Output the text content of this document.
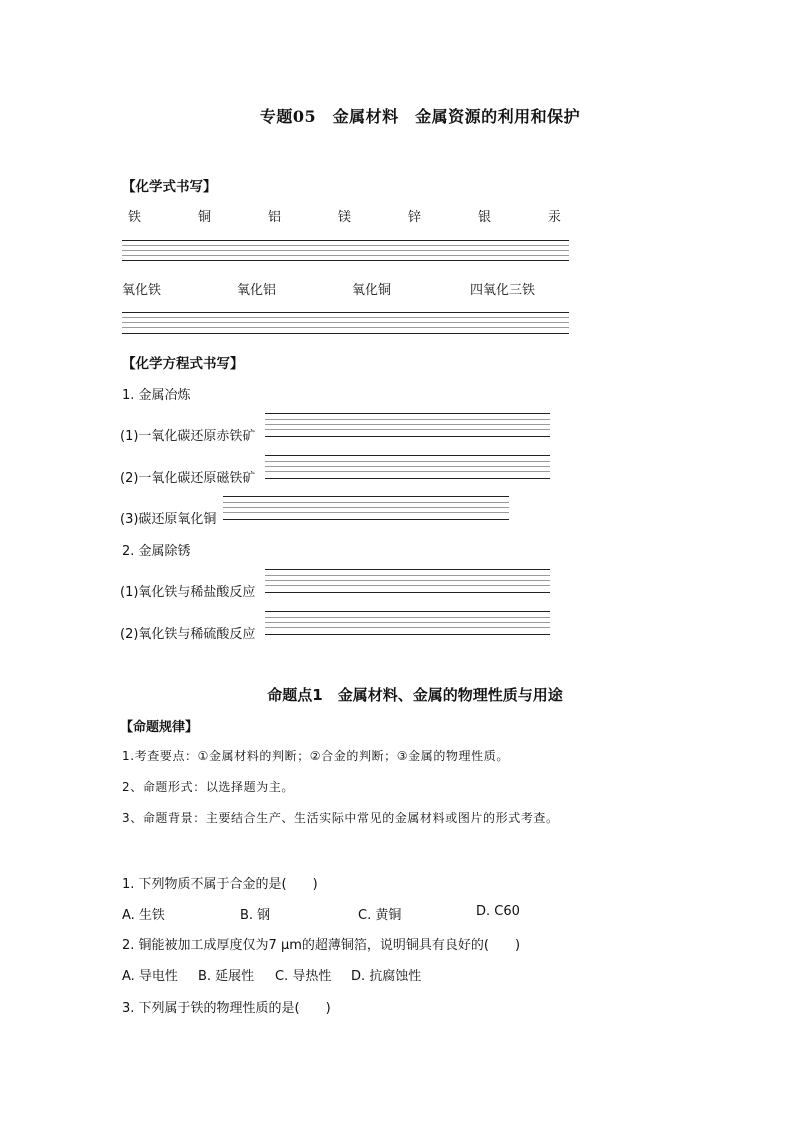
专题05　金属材料　金属资源的利用和保护
【化学式书写】
铁	铜	铝	镁	锌	银	汞
氧化铁	氧化铝	氧化铜	四氧化三铁
【化学方程式书写】
1. 金属冶炼
(1)一氧化碳还原赤铁矿
(2)一氧化碳还原磁铁矿
(3)碳还原氧化铜
2. 金属除锈
(1)氧化铁与稀盐酸反应
(2)氧化铁与稀硫酸反应
命题点1　金属材料、金属的物理性质与用途
【命题规律】
1.考查要点：①金属材料的判断；②合金的判断；③金属的物理性质。
2、命题形式：以选择题为主。
3、命题背景：主要结合生产、生活实际中常见的金属材料或图片的形式考查。
1. 下列物质不属于合金的是(　　)
A. 生铁	B. 钢	C. 黄铜	D. C60
2. 铜能被加工成厚度仅为7 μm的超薄铜箔，说明铜具有良好的(　　)
A. 导电性 B. 延展性 C. 导热性 D. 抗腐蚀性
3. 下列属于铁的物理性质的是(　　)
